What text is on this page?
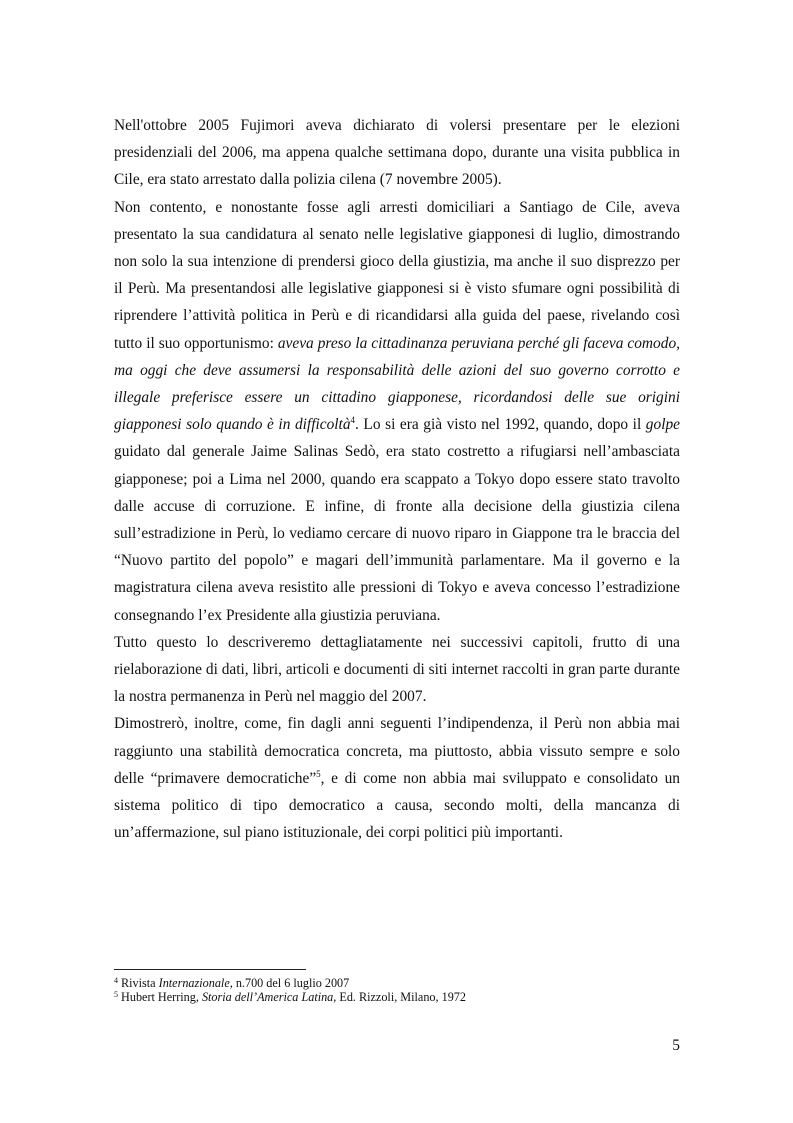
Nell'ottobre 2005 Fujimori aveva dichiarato di volersi presentare per le elezioni presidenziali del 2006, ma appena qualche settimana dopo, durante una visita pubblica in Cile, era stato arrestato dalla polizia cilena (7 novembre 2005).

Non contento, e nonostante fosse agli arresti domiciliari a Santiago de Cile, aveva presentato la sua candidatura al senato nelle legislative giapponesi di luglio, dimostrando non solo la sua intenzione di prendersi gioco della giustizia, ma anche il suo disprezzo per il Perù. Ma presentandosi alle legislative giapponesi si è visto sfumare ogni possibilità di riprendere l’attività politica in Perù e di ricandidarsi alla guida del paese, rivelando così tutto il suo opportunismo: aveva preso la cittadinanza peruviana perché gli faceva comodo, ma oggi che deve assumersi la responsabilità delle azioni del suo governo corrotto e illegale preferisce essere un cittadino giapponese, ricordandosi delle sue origini giapponesi solo quando è in difficoltà$^4$. Lo si era già visto nel 1992, quando, dopo il golpe guidato dal generale Jaime Salinas Sedò, era stato costretto a rifugiarsi nell’ambasciata giapponese; poi a Lima nel 2000, quando era scappato a Tokyo dopo essere stato travolto dalle accuse di corruzione. E infine, di fronte alla decisione della giustizia cilena sull’estradizione in Perù, lo vediamo cercare di nuovo riparo in Giappone tra le braccia del “Nuovo partito del popolo” e magari dell’immunità parlamentare. Ma il governo e la magistratura cilena aveva resistito alle pressioni di Tokyo e aveva concesso l’estradizione consegnando l’ex Presidente alla giustizia peruviana.

Tutto questo lo descriveremo dettagliatamente nei successivi capitoli, frutto di una rielaborazione di dati, libri, articoli e documenti di siti internet raccolti in gran parte durante la nostra permanenza in Perù nel maggio del 2007.

Dimostrerò, inoltre, come, fin dagli anni seguenti l’indipendenza, il Perù non abbia mai raggiunto una stabilità democratica concreta, ma piuttosto, abbia vissuto sempre e solo delle “primavere democratiche”$^5$, e di come non abbia mai sviluppato e consolidato un sistema politico di tipo democratico a causa, secondo molti, della mancanza di un’affermazione, sul piano istituzionale, dei corpi politici più importanti.

$^4$ Rivista Internazionale, n.700 del 6 luglio 2007

$^5$ Hubert Herring, Storia dell’America Latina, Ed. Rizzoli, Milano, 1972

5
